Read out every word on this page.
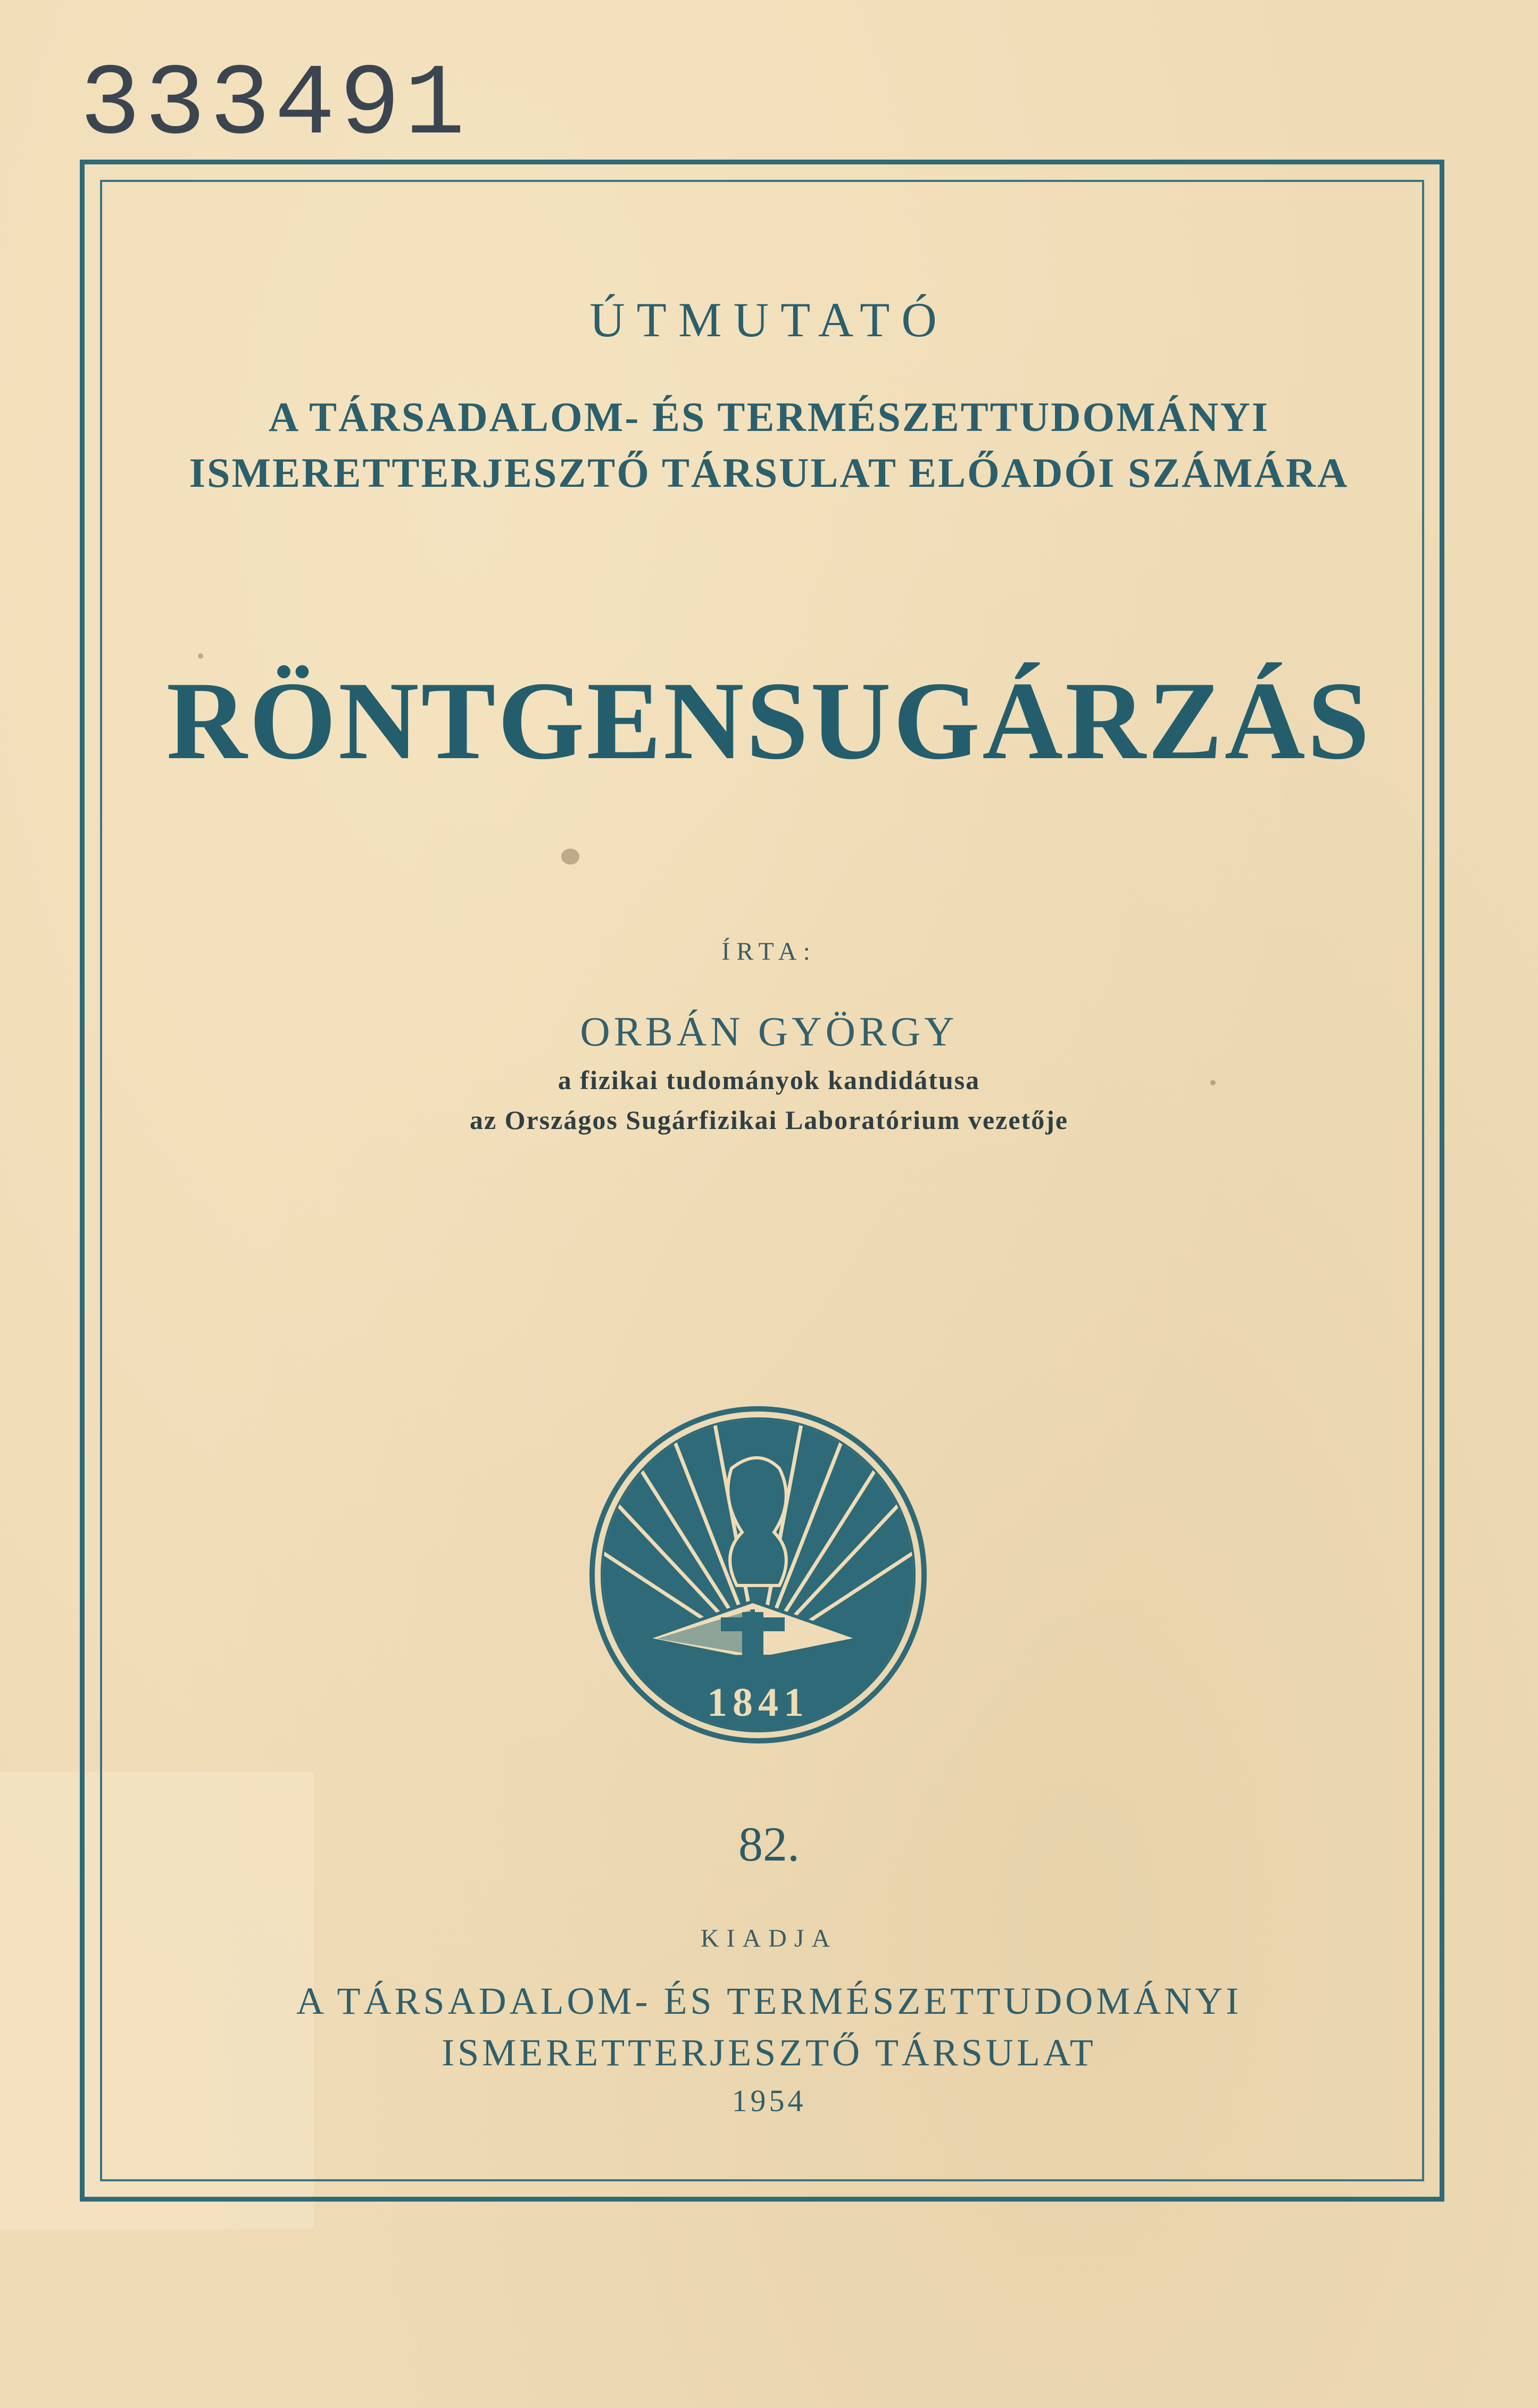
333491
ÚTMUTATÓ
A TÁRSADALOM- ÉS TERMÉSZETTUDOMÁNYI
ISMERETTERJESZTŐ TÁRSULAT ELŐADÓI SZÁMÁRA
RÖNTGENSUGÁRZÁS
ÍRTA:
ORBÁN GYÖRGY
a fizikai tudományok kandidátusa
az Országos Sugárfizikai Laboratórium vezetője
1841
82.
KIADJA
A TÁRSADALOM- ÉS TERMÉSZETTUDOMÁNYI
ISMERETTERJESZTŐ TÁRSULAT
1954
